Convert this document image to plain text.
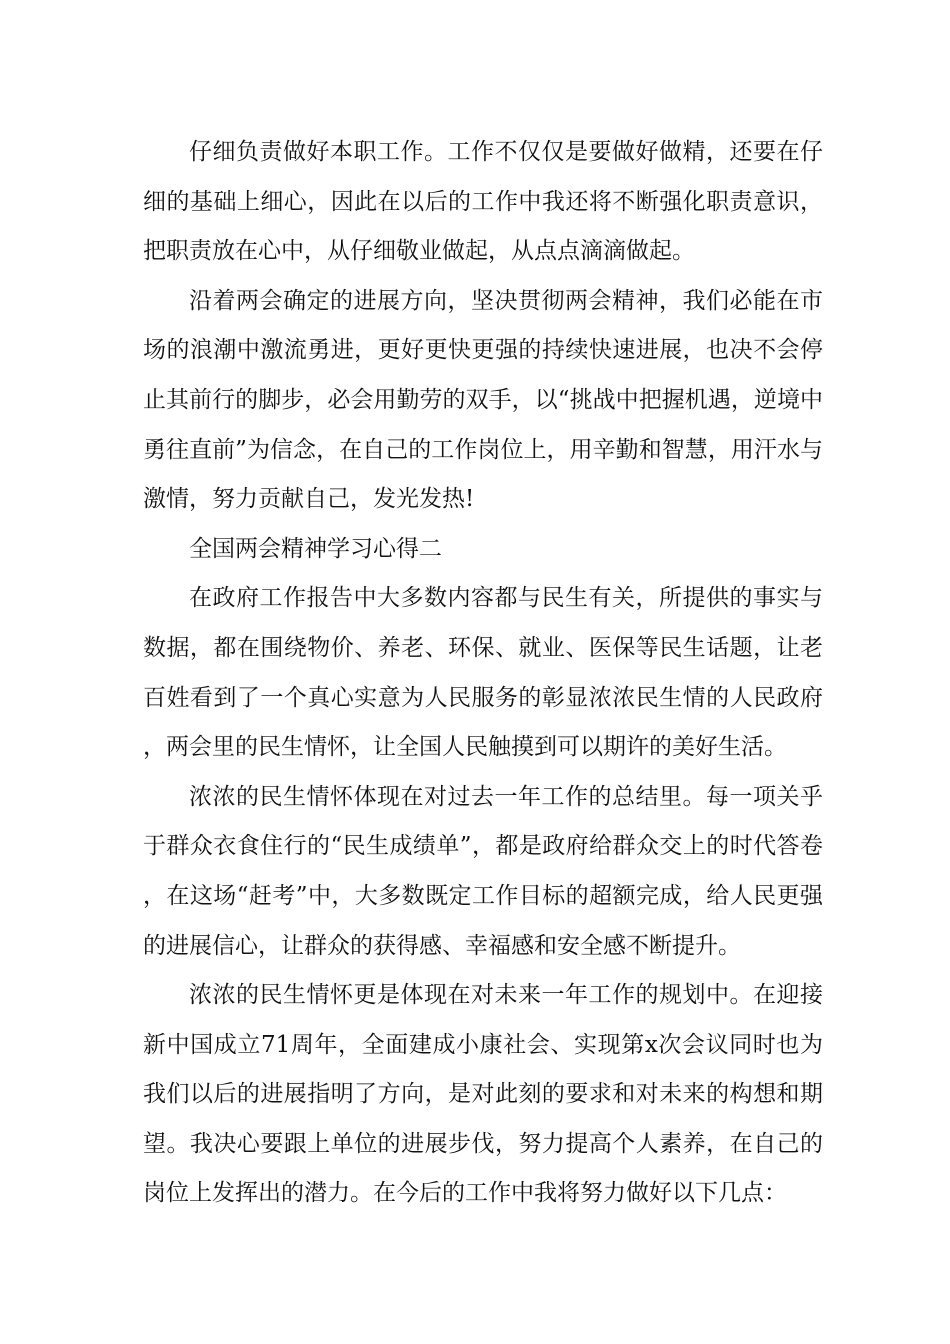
仔细负责做好本职工作。工作不仅仅是要做好做精，还要在仔细的基础上细心，因此在以后的工作中我还将不断强化职责意识，把职责放在心中，从仔细敬业做起，从点点滴滴做起。

沿着两会确定的进展方向，坚决贯彻两会精神，我们必能在市场的浪潮中激流勇进，更好更快更强的持续快速进展，也决不会停止其前行的脚步，必会用勤劳的双手，以“挑战中把握机遇，逆境中勇往直前”为信念，在自己的工作岗位上，用辛勤和智慧，用汗水与激情，努力贡献自己，发光发热!

全国两会精神学习心得二

在政府工作报告中大多数内容都与民生有关，所提供的事实与数据，都在围绕物价、养老、环保、就业、医保等民生话题，让老百姓看到了一个真心实意为人民服务的彰显浓浓民生情的人民政府，两会里的民生情怀，让全国人民触摸到可以期许的美好生活。

浓浓的民生情怀体现在对过去一年工作的总结里。每一项关乎于群众衣食住行的“民生成绩单”，都是政府给群众交上的时代答卷，在这场“赶考”中，大多数既定工作目标的超额完成，给人民更强的进展信心，让群众的获得感、幸福感和安全感不断提升。

浓浓的民生情怀更是体现在对未来一年工作的规划中。在迎接新中国成立71周年，全面建成小康社会、实现第x次会议同时也为我们以后的进展指明了方向，是对此刻的要求和对未来的构想和期望。我决心要跟上单位的进展步伐，努力提高个人素养，在自己的岗位上发挥出的潜力。在今后的工作中我将努力做好以下几点：
